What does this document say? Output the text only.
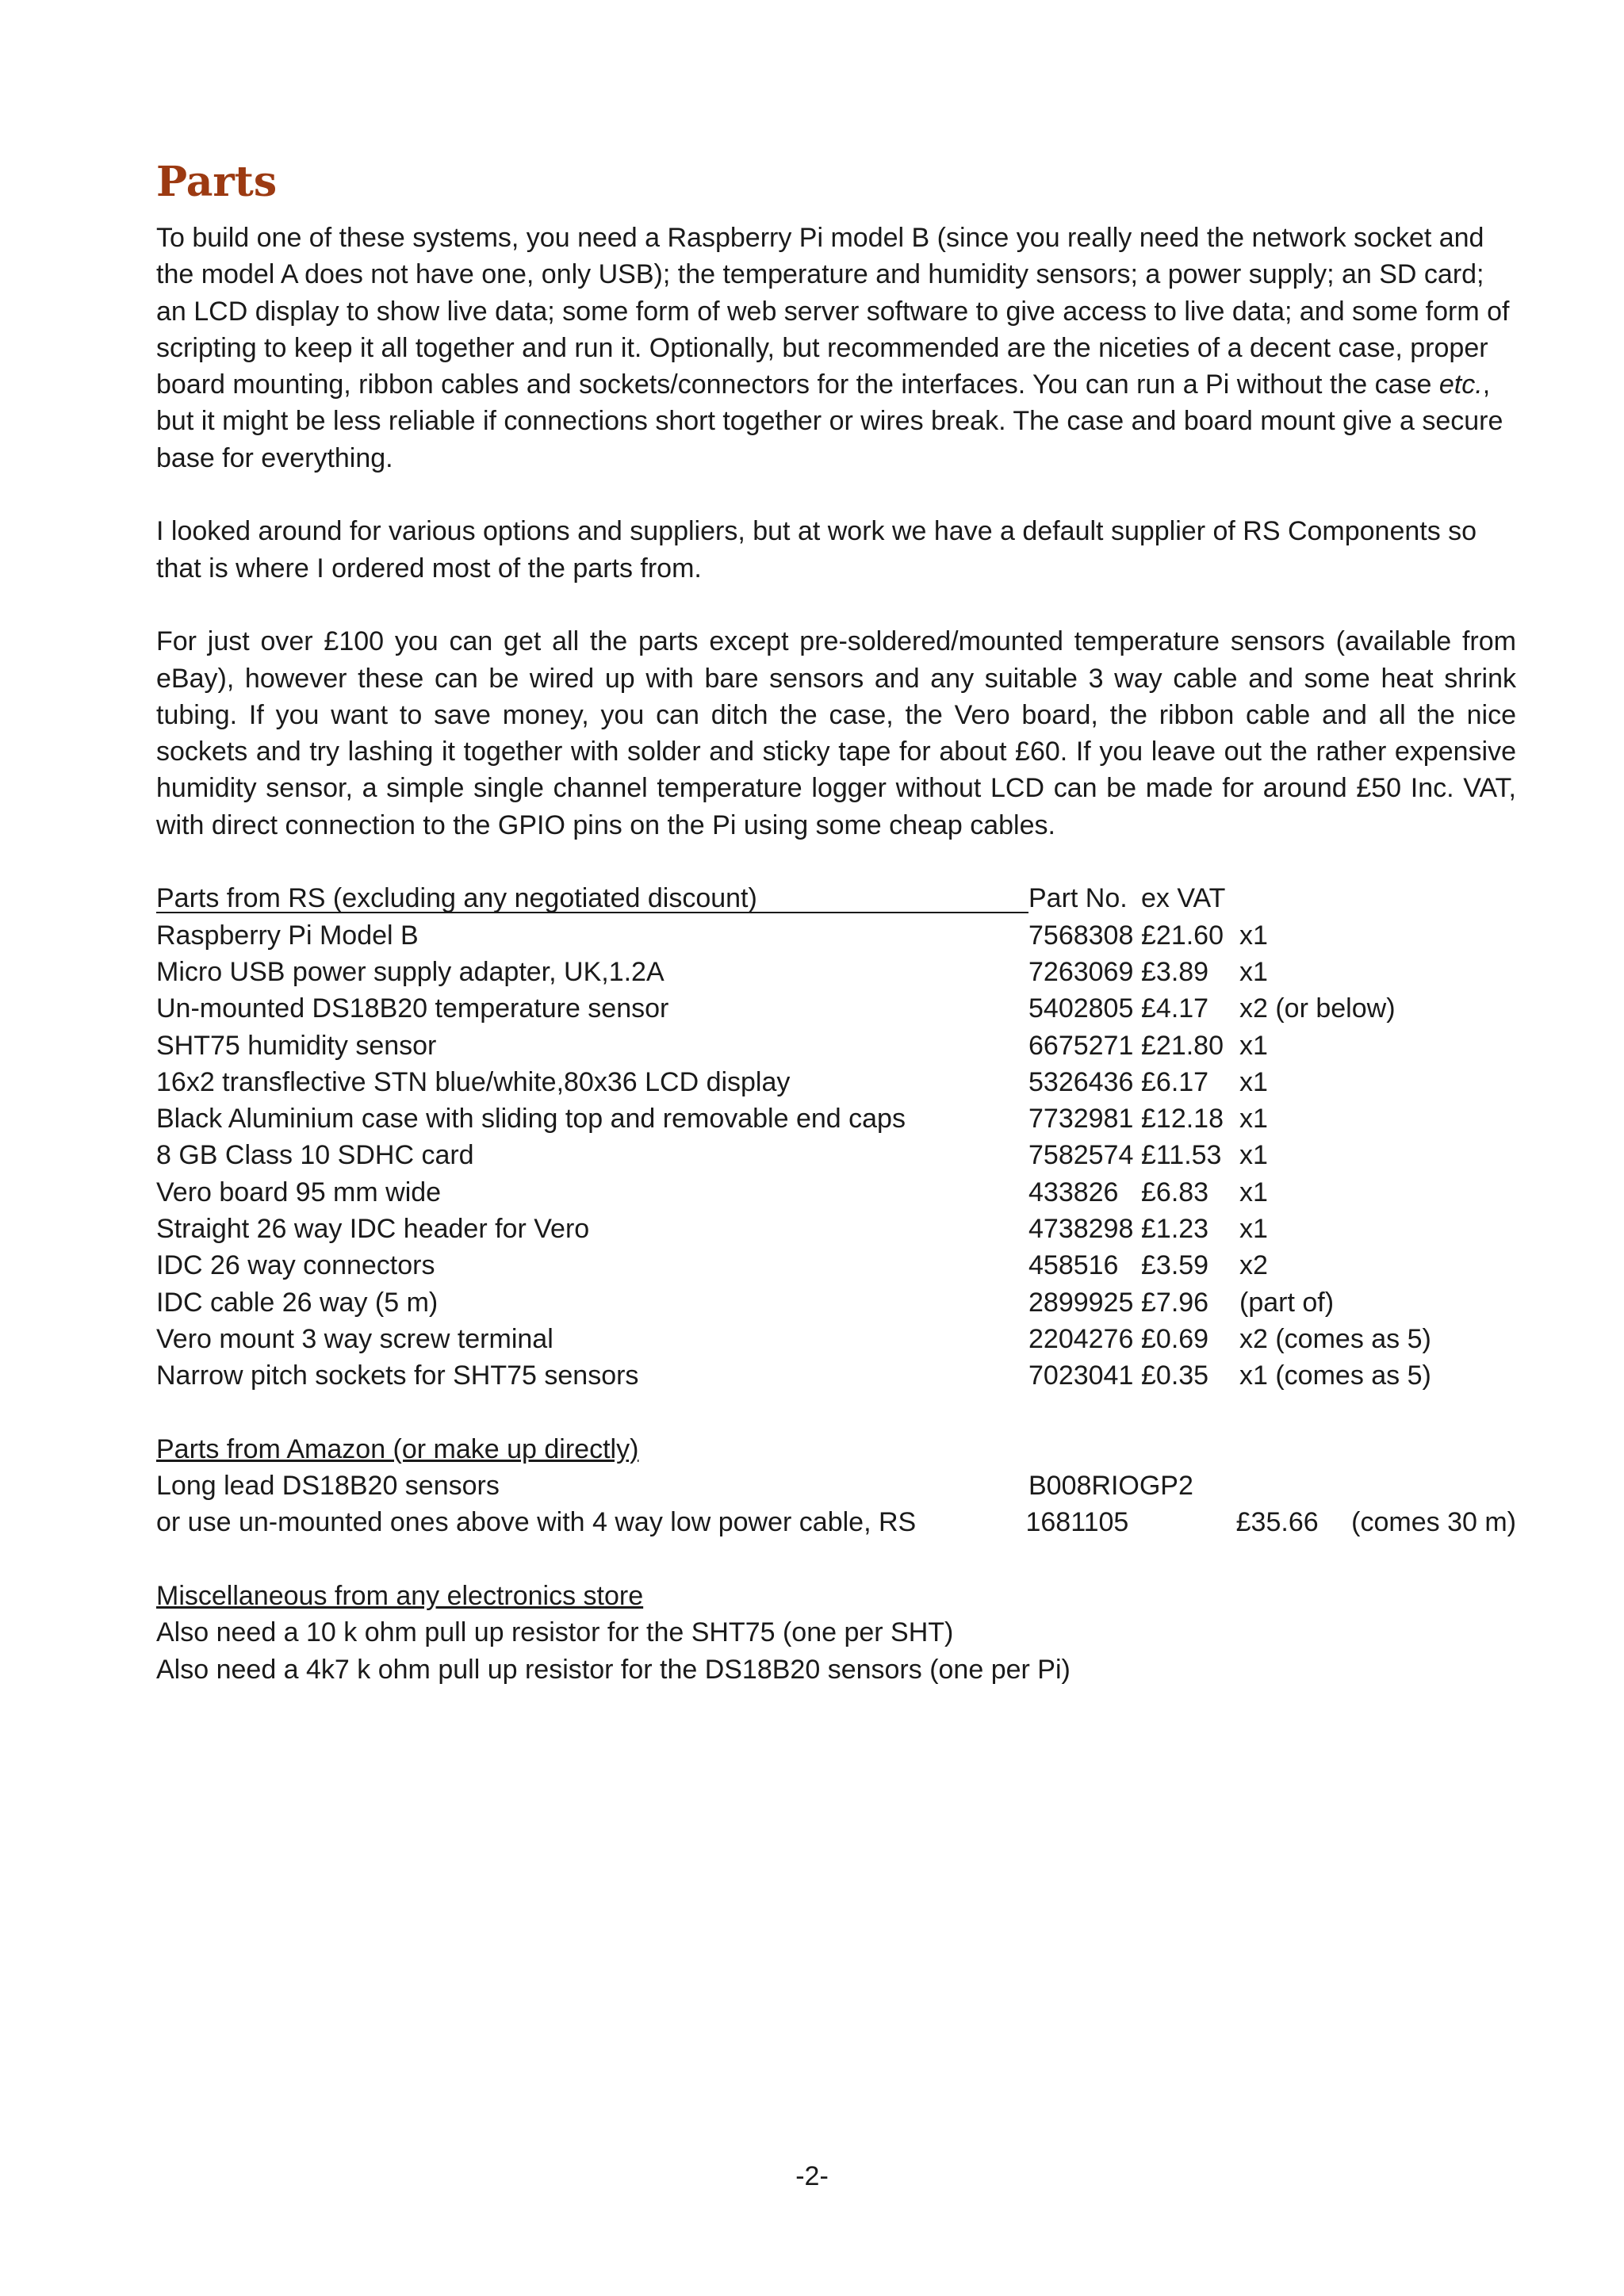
Parts

To build one of these systems, you need a Raspberry Pi model B (since you really need the network socket and the model A does not have one, only USB); the temperature and humidity sensors; a power supply; an SD card; an LCD display to show live data; some form of web server software to give access to live data; and some form of scripting to keep it all together and run it. Optionally, but recommended are the niceties of a decent case, proper board mounting, ribbon cables and sockets/connectors for the interfaces. You can run a Pi without the case etc., but it might be less reliable if connections short together or wires break. The case and board mount give a secure base for everything.

I looked around for various options and suppliers, but at work we have a default supplier of RS Components so that is where I ordered most of the parts from.

For just over £100 you can get all the parts except pre-soldered/mounted temperature sensors (available from eBay), however these can be wired up with bare sensors and any suitable 3 way cable and some heat shrink tubing. If you want to save money, you can ditch the case, the Vero board, the ribbon cable and all the nice sockets and try lashing it together with solder and sticky tape for about £60. If you leave out the rather expensive humidity sensor, a simple single channel temperature logger without LCD can be made for around £50 Inc. VAT, with direct connection to the GPIO pins on the Pi using some cheap cables.

Parts from RS (excluding any negotiated discount)	Part No. ex VAT
Raspberry Pi Model B	7568308 £21.60 x1
Micro USB power supply adapter, UK,1.2A	7263069 £3.89	x1
Un-mounted DS18B20 temperature sensor	5402805 £4.17	x2 (or below)
SHT75 humidity sensor	6675271 £21.80 x1
16x2 transflective STN blue/white,80x36 LCD display	5326436 £6.17	x1
Black Aluminium case with sliding top and removable end caps	7732981 £12.18 x1
8 GB Class 10 SDHC card	7582574 £11.53 x1
Vero board 95 mm wide	433826 £6.83	x1
Straight 26 way IDC header for Vero	4738298 £1.23	x1
IDC 26 way connectors	458516 £3.59	x2
IDC cable 26 way (5 m)	2899925 £7.96	(part of)
Vero mount 3 way screw terminal	2204276 £0.69	x2 (comes as 5)
Narrow pitch sockets for SHT75 sensors	7023041 £0.35	x1 (comes as 5)
Parts from Amazon (or make up directly)
Long lead DS18B20 sensors	B008RIOGP2
or use un-mounted ones above with 4 way low power cable, RS	1681105	£35.66	(comes 30 m)
Miscellaneous from any electronics store
Also need a 10 k ohm pull up resistor for the SHT75 (one per SHT)
Also need a 4k7 k ohm pull up resistor for the DS18B20 sensors (one per Pi)
-2-
